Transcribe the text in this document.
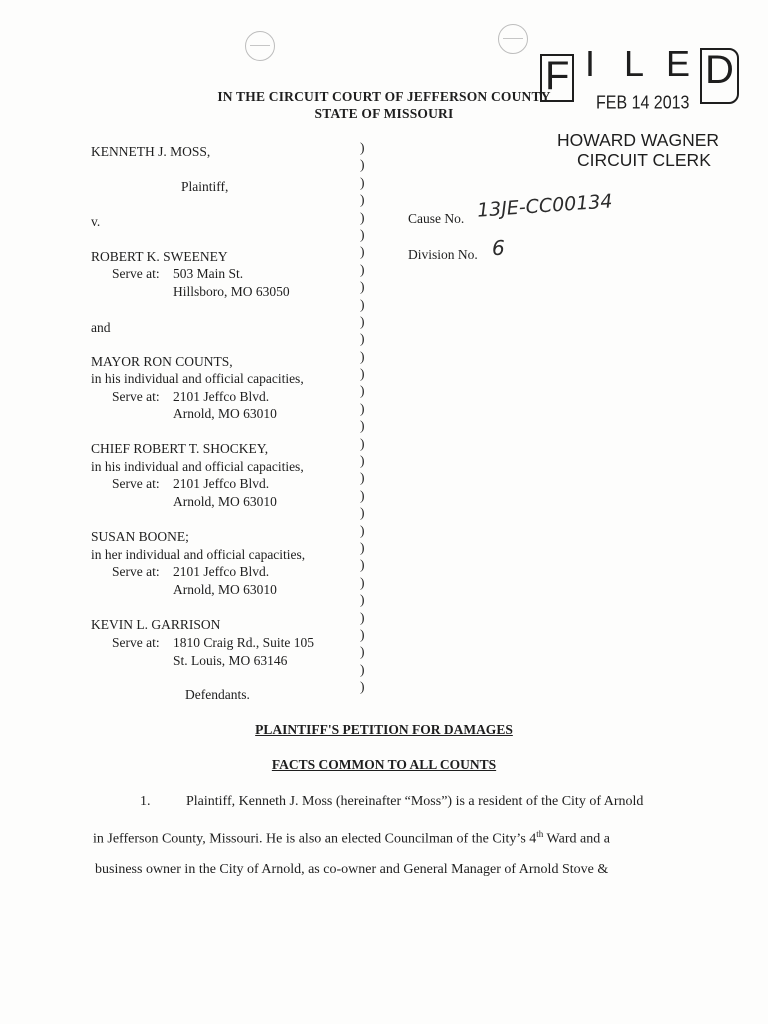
F I L E D
FEB 14 2013
HOWARD WAGNER
CIRCUIT CLERK
IN THE CIRCUIT COURT OF JEFFERSON COUNTY
STATE OF MISSOURI
KENNETH J. MOSS,
Plaintiff,
v.
ROBERT K. SWEENEY
Serve at: 503 Main St.
Hillsboro, MO 63050
and
MAYOR RON COUNTS,
in his individual and official capacities,
Serve at: 2101 Jeffco Blvd.
Arnold, MO 63010
CHIEF ROBERT T. SHOCKEY,
in his individual and official capacities,
Serve at: 2101 Jeffco Blvd.
Arnold, MO 63010
SUSAN BOONE;
in her individual and official capacities,
Serve at: 2101 Jeffco Blvd.
Arnold, MO 63010
KEVIN L. GARRISON
Serve at: 1810 Craig Rd., Suite 105
St. Louis, MO 63146
Defendants.
)
)
)
)
)
)
)
)
)
)
)
)
)
)
)
)
)
)
)
)
)
)
)
)
)
)
)
)
)
)
)
)
Cause No. 13JE-CC00134
Division No. 6
PLAINTIFF'S PETITION FOR DAMAGES
FACTS COMMON TO ALL COUNTS
1.	Plaintiff, Kenneth J. Moss (hereinafter “Moss”) is a resident of the City of Arnold
in Jefferson County, Missouri. He is also an elected Councilman of the City’s 4th Ward and a
business owner in the City of Arnold, as co-owner and General Manager of Arnold Stove &
